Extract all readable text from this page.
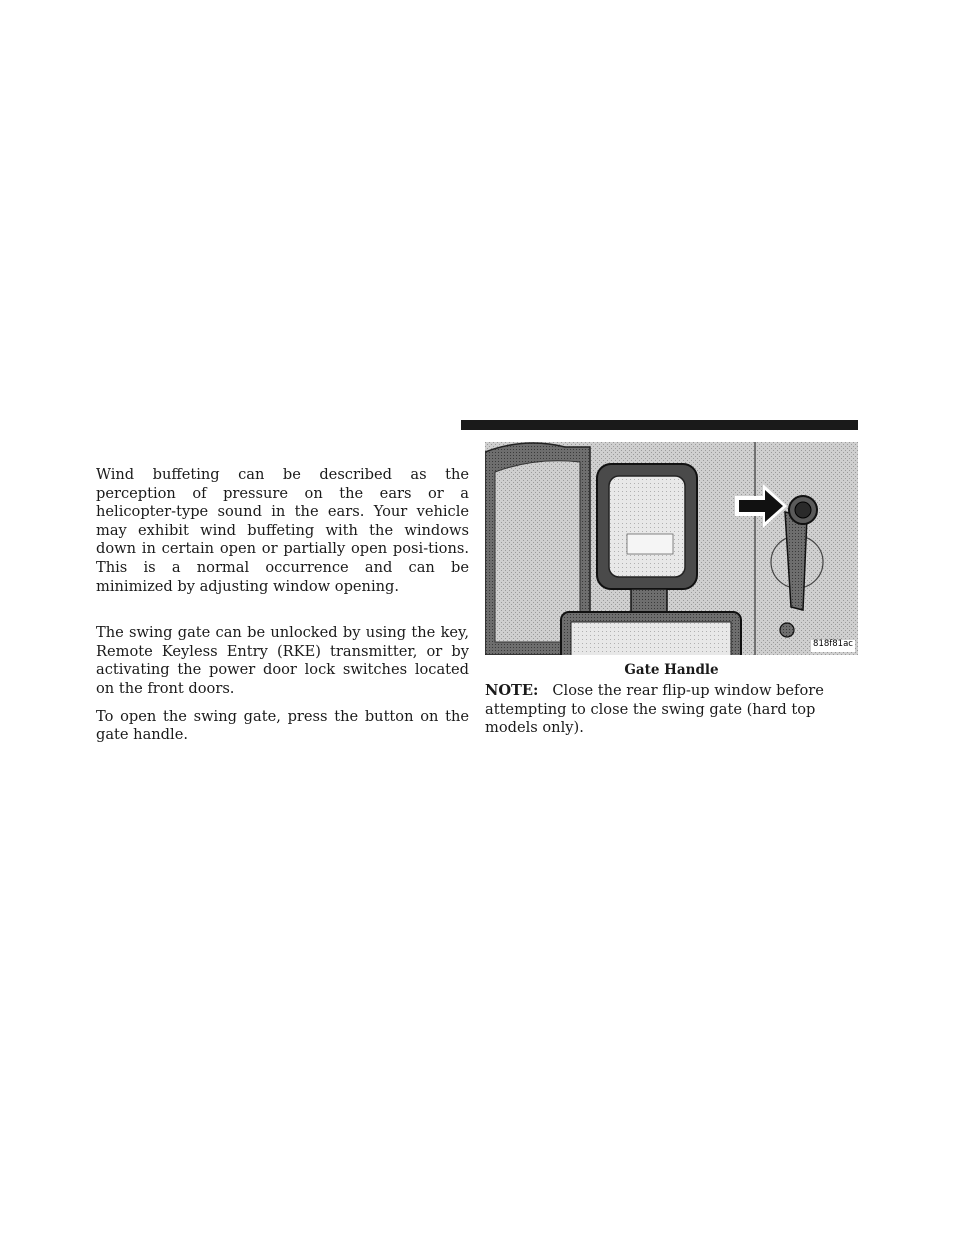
Wind buffeting can be described as the perception of pressure on the ears or a helicopter-type sound in the ears. Your vehicle may exhibit wind buffeting with the windows down in certain open or partially open posi-tions. This is a normal occurrence and can be minimized by adjusting window opening.

The swing gate can be unlocked by using the key, Remote Keyless Entry (RKE) transmitter, or by activating the power door lock switches located on the front doors.

To open the swing gate, press the button on the gate handle.

818f81ac
Gate Handle
NOTE: Close the rear flip-up window before attempting to close the swing gate (hard top models only).
